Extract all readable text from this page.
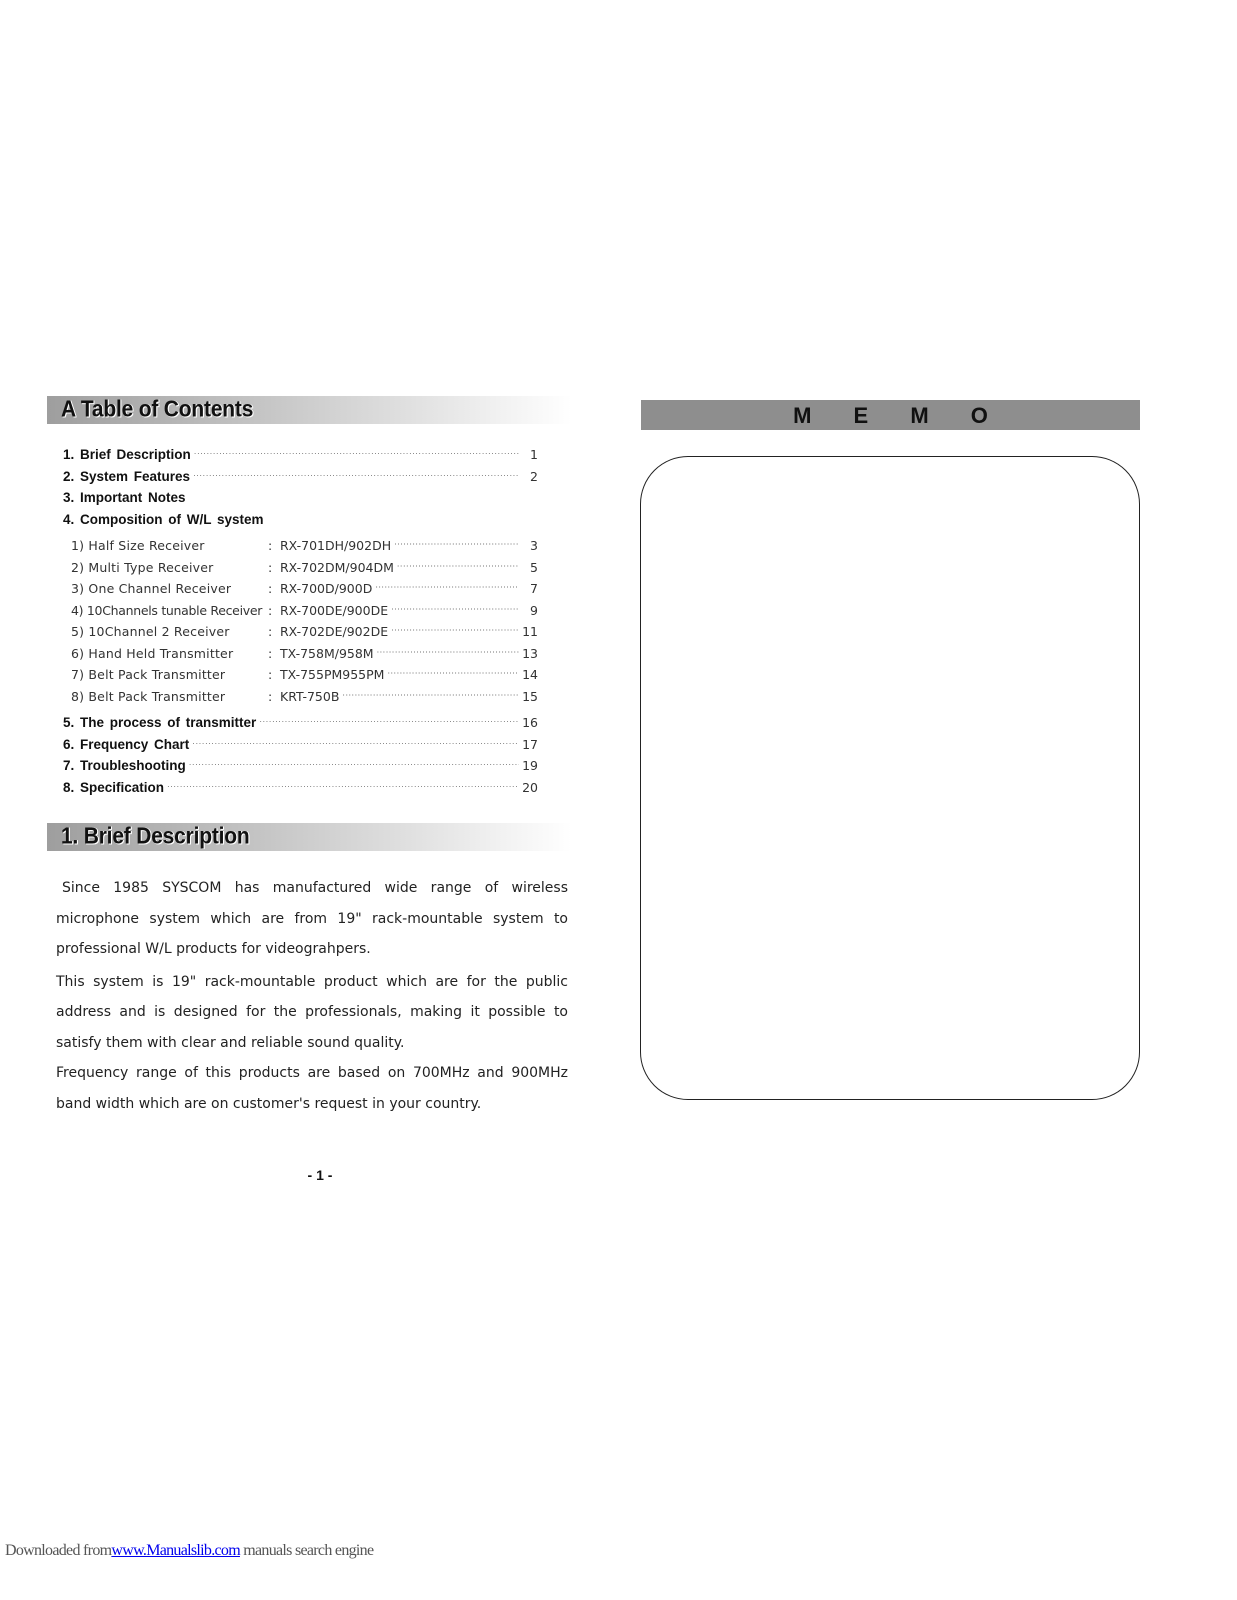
A Table of Contents
1. Brief Description ·····	1
2. System Features ·····	2
3. Important Notes
4. Composition of W/L system
1) Half Size Receiver	: RX-701DH/902DH ·····	3
2) Multi Type Receiver	: RX-702DM/904DM ·····	5
3) One Channel Receiver	: RX-700D/900D ·····	7
4) 10Channels tunable Receiver : RX-700DE/900DE ·····	9
5) 10Channel 2 Receiver	: RX-702DE/902DE ·····	11
6) Hand Held Transmitter	: TX-758M/958M ·····	13
7) Belt Pack Transmitter	: TX-755PM955PM ·····	14
8) Belt Pack Transmitter	: KRT-750B ·····	15
5. The process of transmitter ·····	16
6. Frequency Chart ·····	17
7. Troubleshooting ·····	19
8. Specification ·····	20
1. Brief Description

Since 1985 SYSCOM has manufactured wide range of wireless microphone system which are from 19" rack-mountable system to professional W/L products for videograhpers.

This system is 19" rack-mountable product which are for the public address and is designed for the professionals, making it possible to satisfy them with clear and reliable sound quality.

Frequency range of this products are based on 700MHz and 900MHz band width which are on customer's request in your country.

- 1 -
M E M O
Downloaded fromwww.Manualslib.com manuals search engine
